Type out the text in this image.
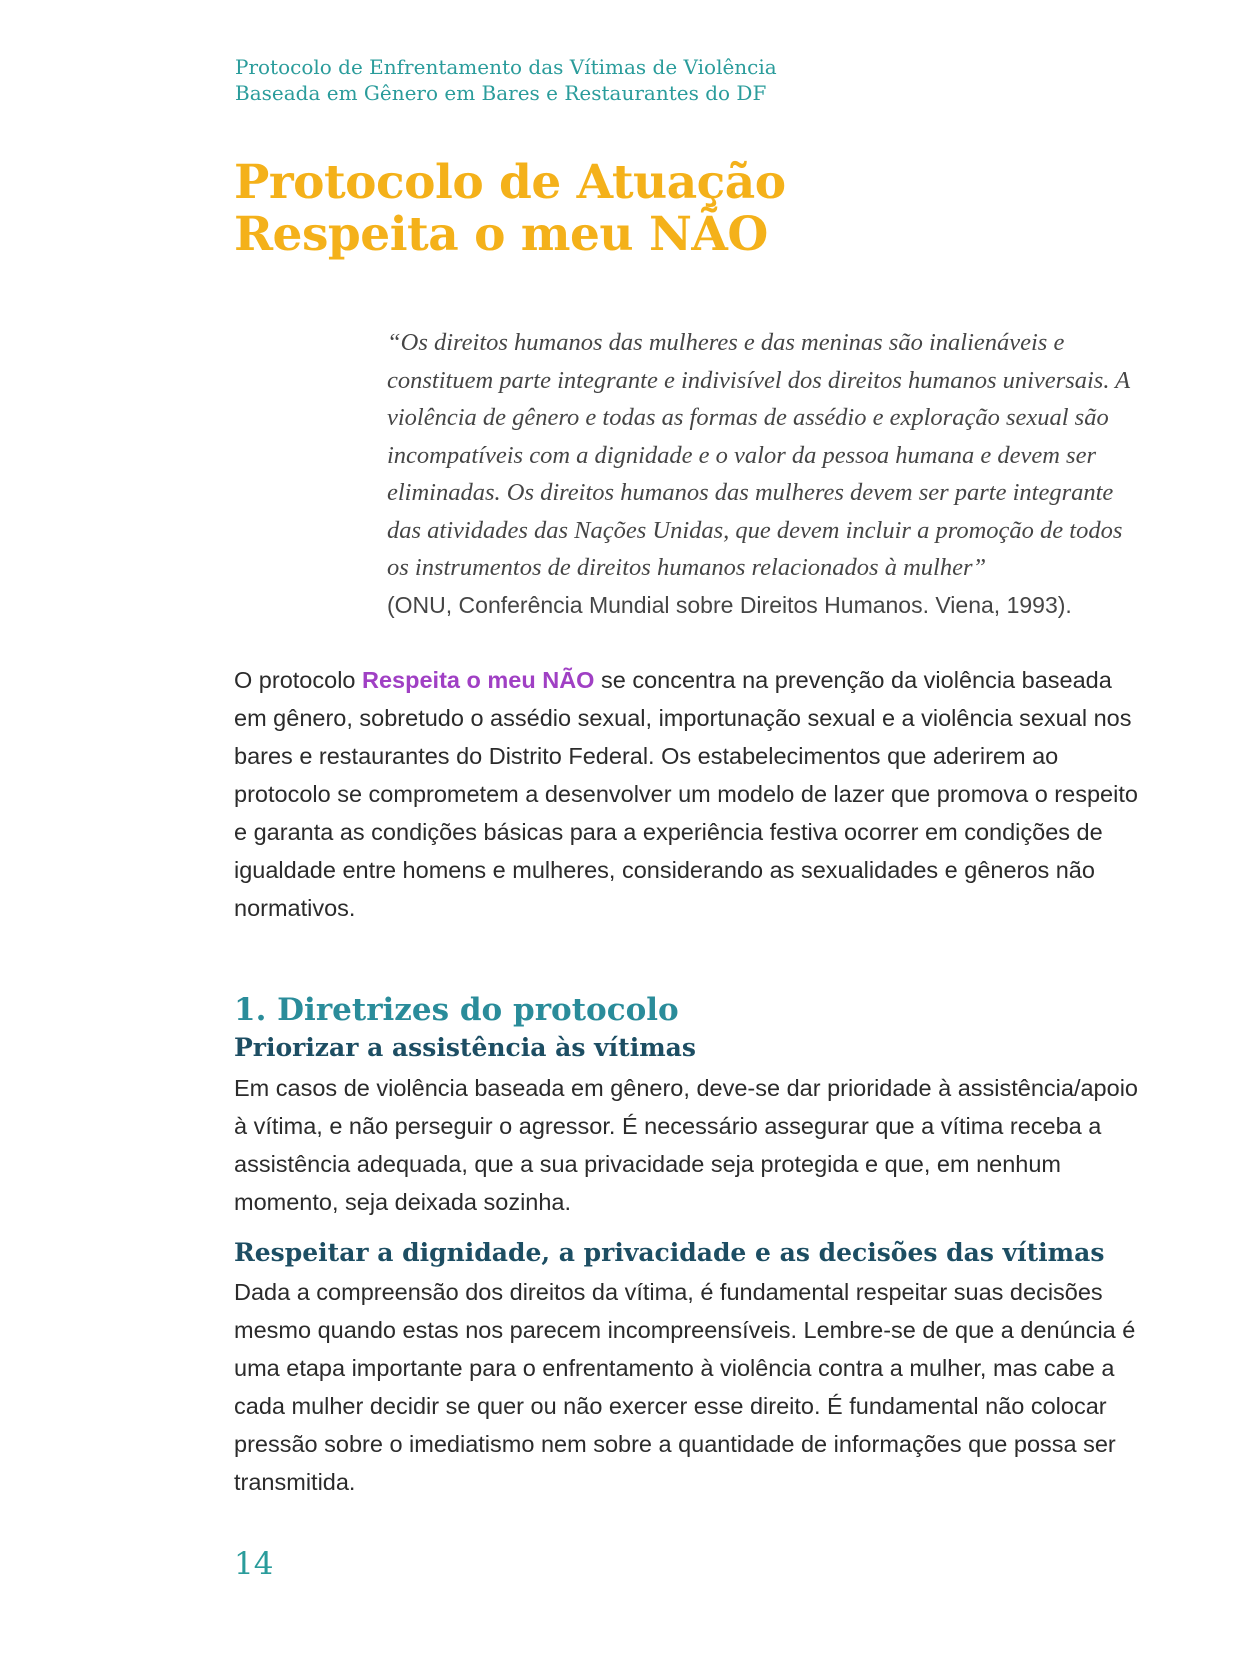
Protocolo de Enfrentamento das Vítimas de Violência
Baseada em Gênero em Bares e Restaurantes do DF
Protocolo de Atuação
Respeita o meu NÃO
“Os direitos humanos das mulheres e das meninas são inalienáveis e constituem parte integrante e indivisível dos direitos humanos universais. A violência de gênero e todas as formas de assédio e exploração sexual são incompatíveis com a dignidade e o valor da pessoa humana e devem ser eliminadas. Os direitos humanos das mulheres devem ser parte integrante das atividades das Nações Unidas, que devem incluir a promoção de todos os instrumentos de direitos humanos relacionados à mulher”
(ONU, Conferência Mundial sobre Direitos Humanos. Viena, 1993).

O protocolo Respeita o meu NÃO se concentra na prevenção da violência baseada em gênero, sobretudo o assédio sexual, importunação sexual e a violência sexual nos bares e restaurantes do Distrito Federal. Os estabelecimentos que aderirem ao protocolo se comprometem a desenvolver um modelo de lazer que promova o respeito e garanta as condições básicas para a experiência festiva ocorrer em condições de igualdade entre homens e mulheres, considerando as sexualidades e gêneros não normativos.

1. Diretrizes do protocolo
Priorizar a assistência às vítimas

Em casos de violência baseada em gênero, deve-se dar prioridade à assistência/apoio à vítima, e não perseguir o agressor. É necessário assegurar que a vítima receba a assistência adequada, que a sua privacidade seja protegida e que, em nenhum momento, seja deixada sozinha.

Respeitar a dignidade, a privacidade e as decisões das vítimas

Dada a compreensão dos direitos da vítima, é fundamental respeitar suas decisões mesmo quando estas nos parecem incompreensíveis. Lembre-se de que a denúncia é uma etapa importante para o enfrentamento à violência contra a mulher, mas cabe a cada mulher decidir se quer ou não exercer esse direito. É fundamental não colocar pressão sobre o imediatismo nem sobre a quantidade de informações que possa ser transmitida.

14
